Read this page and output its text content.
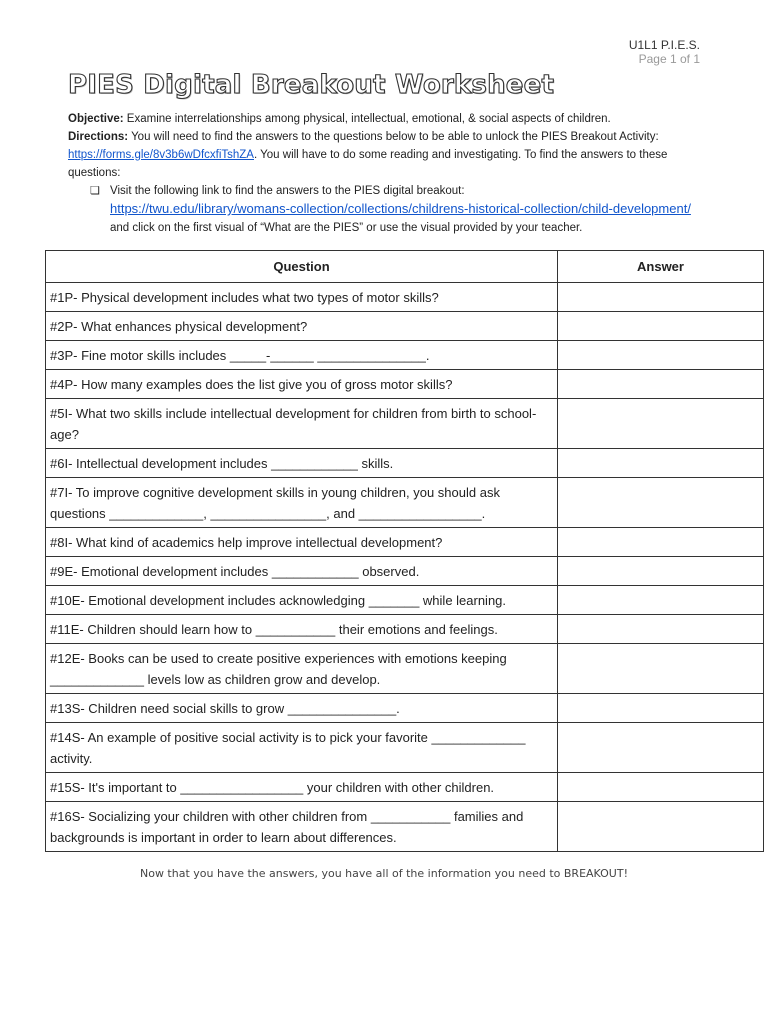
U1L1 P.I.E.S.
Page 1 of 1
PIES Digital Breakout Worksheet

Objective: Examine interrelationships among physical, intellectual, emotional, & social aspects of children.

Directions: You will need to find the answers to the questions below to be able to unlock the PIES Breakout Activity: https://forms.gle/8v3b6wDfcxfiTshZA. You will have to do some reading and investigating. To find the answers to these questions:

❏ Visit the following link to find the answers to the PIES digital breakout:
https://twu.edu/library/womans-collection/collections/childrens-historical-collection/child-development/ and click on the first visual of “What are the PIES” or use the visual provided by your teacher.
Question	Answer
#1P- Physical development includes what two types of motor skills?	
#2P- What enhances physical development?	
#3P- Fine motor skills includes _____-______ _______________.	
#4P- How many examples does the list give you of gross motor skills?	
#5I- What two skills include intellectual development for children from birth to school-age?	
#6I- Intellectual development includes ____________ skills.	
#7I- To improve cognitive development skills in young children, you should ask questions _____________, ________________, and _________________.	
#8I- What kind of academics help improve intellectual development?	
#9E- Emotional development includes ____________ observed.	
#10E- Emotional development includes acknowledging _______ while learning.	
#11E- Children should learn how to ___________ their emotions and feelings.	
#12E- Books can be used to create positive experiences with emotions keeping _____________ levels low as children grow and develop.	
#13S- Children need social skills to grow _______________.	
#14S- An example of positive social activity is to pick your favorite _____________ activity.	
#15S- It's important to _________________ your children with other children.	
#16S- Socializing your children with other children from ___________ families and backgrounds is important in order to learn about differences.	
Now that you have the answers, you have all of the information you need to BREAKOUT!
